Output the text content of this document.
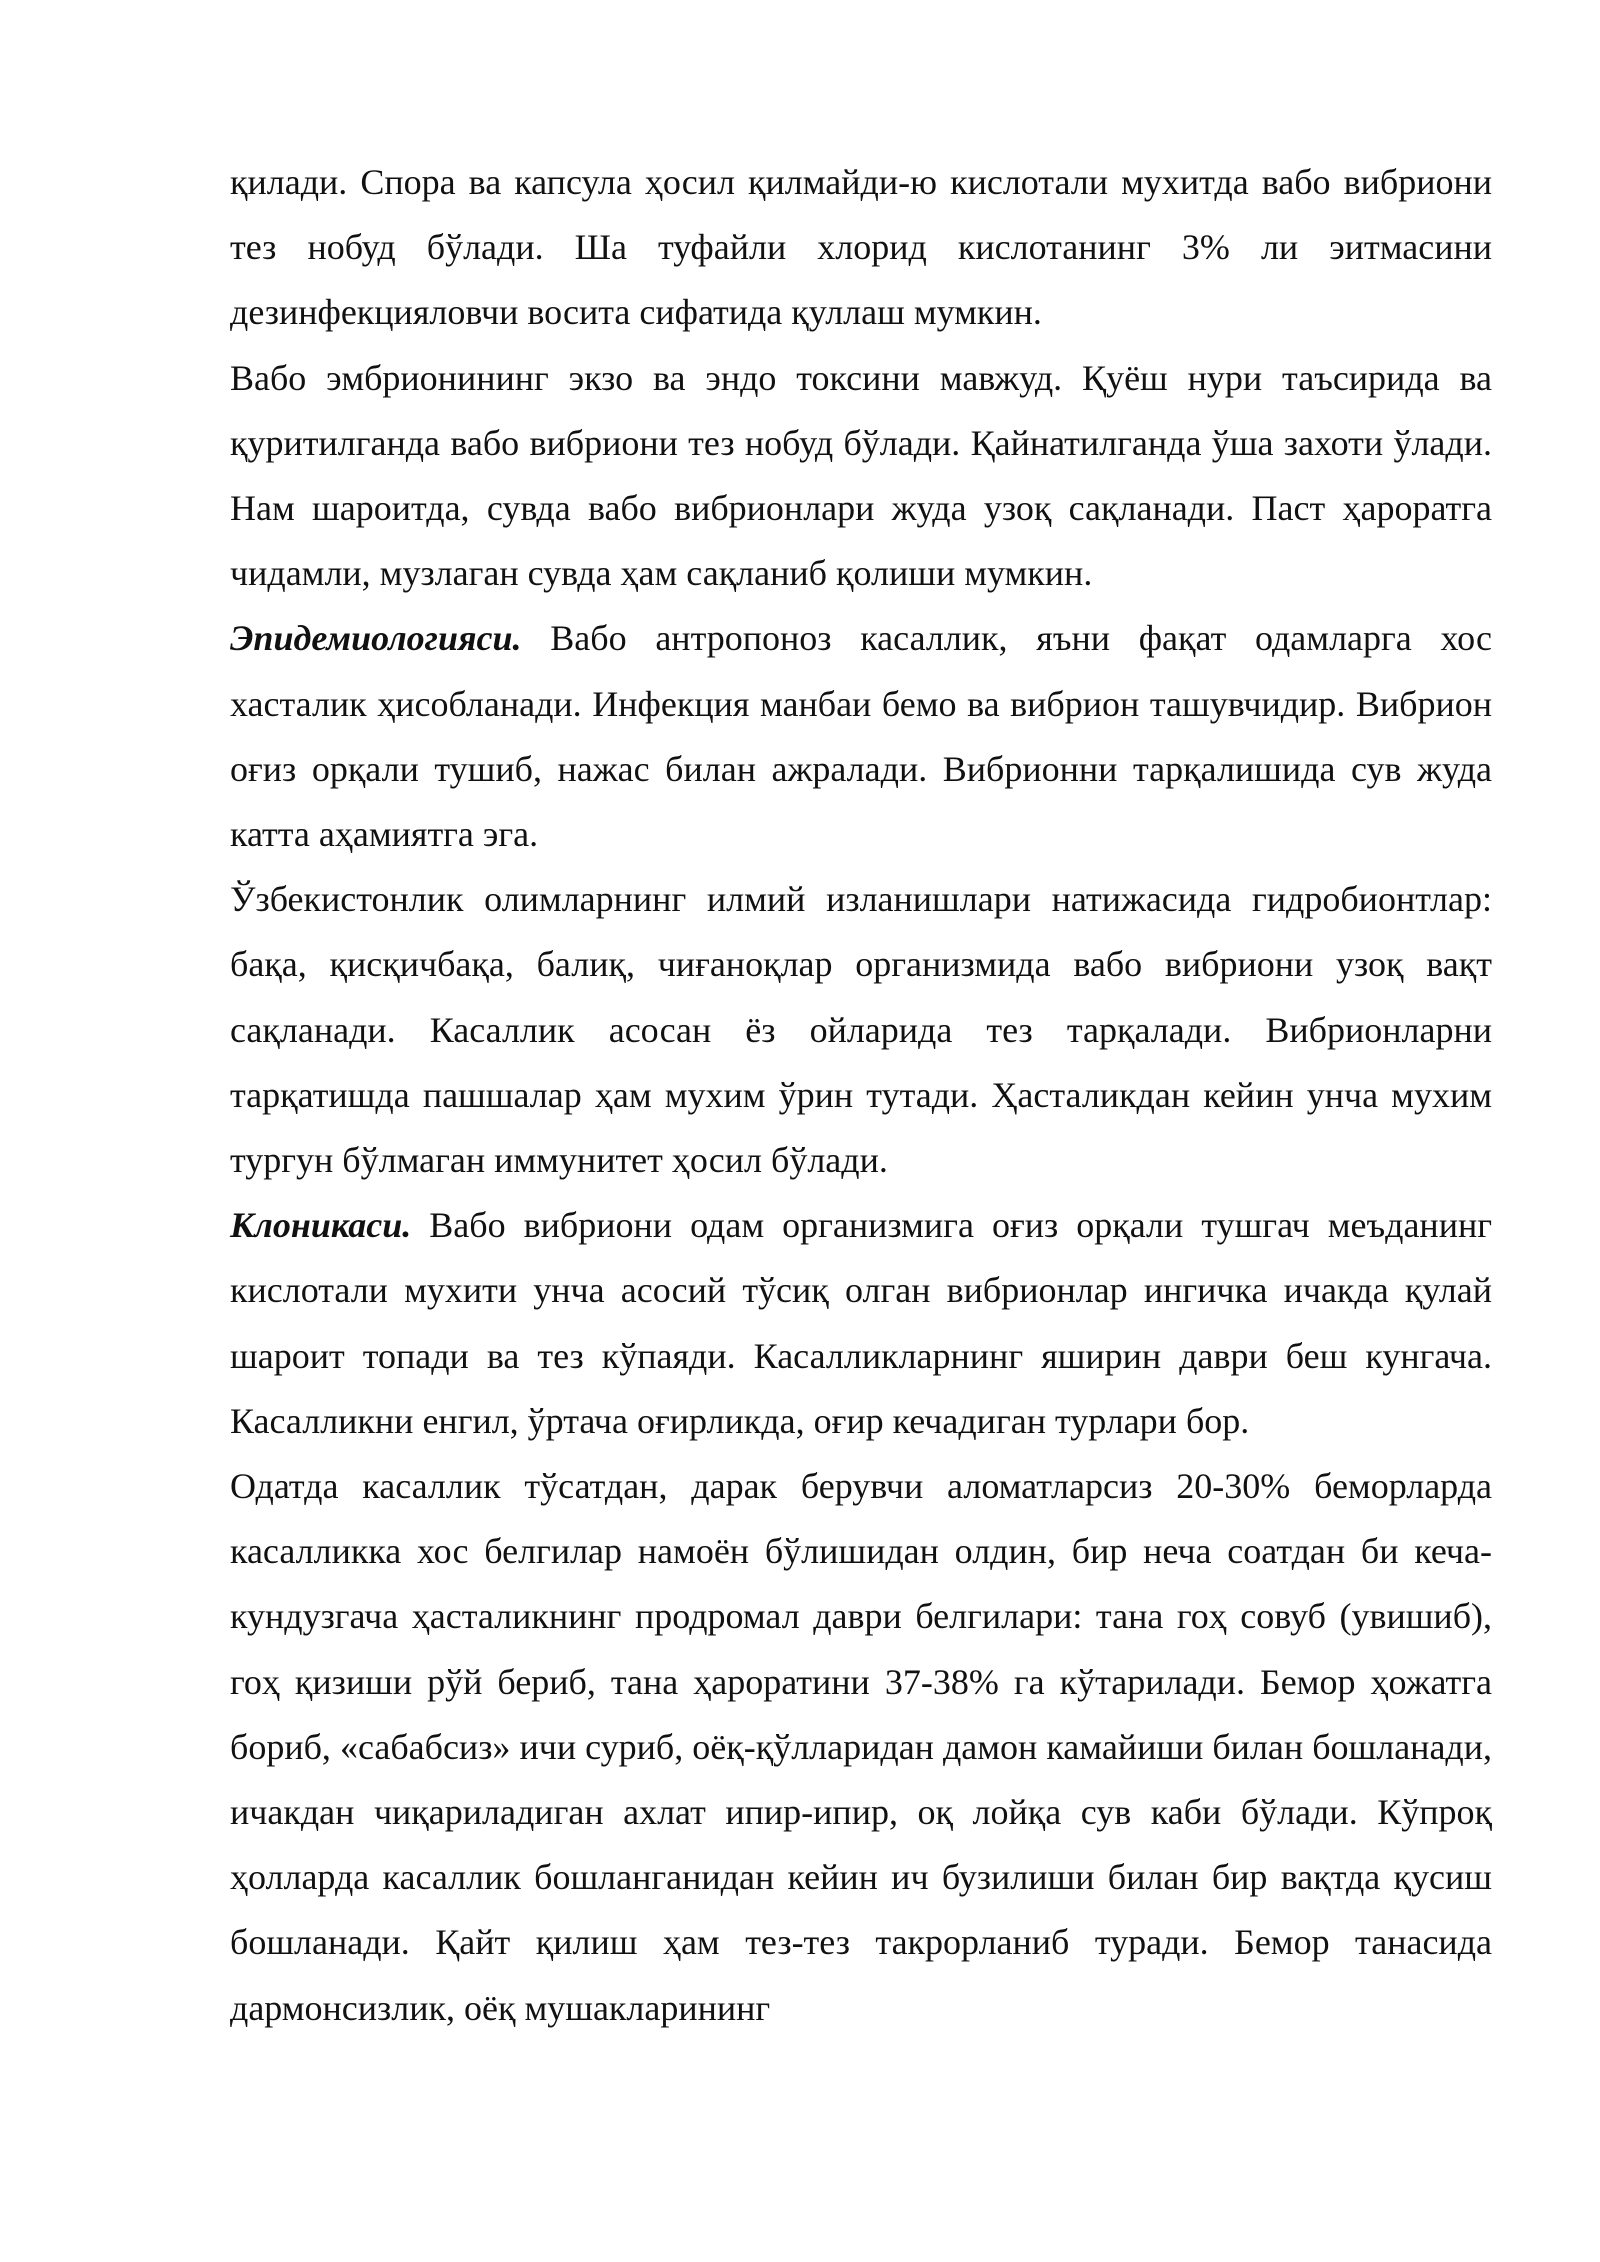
қилади. Спора ва капсула ҳосил қилмайди-ю кислотали мухитда вабо вибриони тез нобуд бўлади. Ша туфайли хлорид кислотанинг 3% ли эитмасини дезинфекцияловчи восита сифатида қуллаш мумкин.

Вабо эмбрионининг экзо ва эндо токсини мавжуд. Қуёш нури таъсирида ва қуритилганда вабо вибриони тез нобуд бўлади. Қайнатилганда ўша захоти ўлади. Нам шароитда, сувда вабо вибрионлари жуда узоқ сақланади. Паст ҳароратга чидамли, музлаган сувда ҳам сақланиб қолиши мумкин.

Эпидемиологияси. Вабо антропоноз касаллик, яъни фақат одамларга хос хасталик ҳисобланади. Инфекция манбаи бемо ва вибрион ташувчидир. Вибрион оғиз орқали тушиб, нажас билан ажралади. Вибрионни тарқалишида сув жуда катта аҳамиятга эга.

Ўзбекистонлик олимларнинг илмий изланишлари натижасида гидробионтлар: бақа, қисқичбақа, балиқ, чиғаноқлар организмида вабо вибриони узоқ вақт сақланади. Касаллик асосан ёз ойларида тез тарқалади. Вибрионларни тарқатишда пашшалар ҳам мухим ўрин тутади. Ҳасталикдан кейин унча мухим тургун бўлмаган иммунитет ҳосил бўлади.

Клоникаси. Вабо вибриони одам организмига оғиз орқали тушгач меъданинг кислотали мухити унча асосий тўсиқ олган вибрионлар ингичка ичакда қулай шароит топади ва тез кўпаяди. Касалликларнинг яширин даври беш кунгача. Касалликни енгил, ўртача оғирликда, оғир кечадиган турлари бор.

Одатда касаллик тўсатдан, дарак берувчи аломатларсиз 20-30% беморларда касалликка хос белгилар намоён бўлишидан олдин, бир неча соатдан би кеча-кундузгача ҳасталикнинг продромал даври белгилари: тана гоҳ совуб (увишиб), гоҳ қизиши рўй бериб, тана ҳароратини 37-38% га кўтарилади. Бемор ҳожатга бориб, «сабабсиз» ичи суриб, оёқ-қўлларидан дамон камайиши билан бошланади, ичакдан чиқариладиган ахлат ипир-ипир, оқ лойқа сув каби бўлади. Кўпроқ ҳолларда касаллик бошланганидан кейин ич бузилиши билан бир вақтда қусиш бошланади. Қайт қилиш ҳам тез-тез такрорланиб туради. Бемор танасида дармонсизлик, оёқ мушакларининг
